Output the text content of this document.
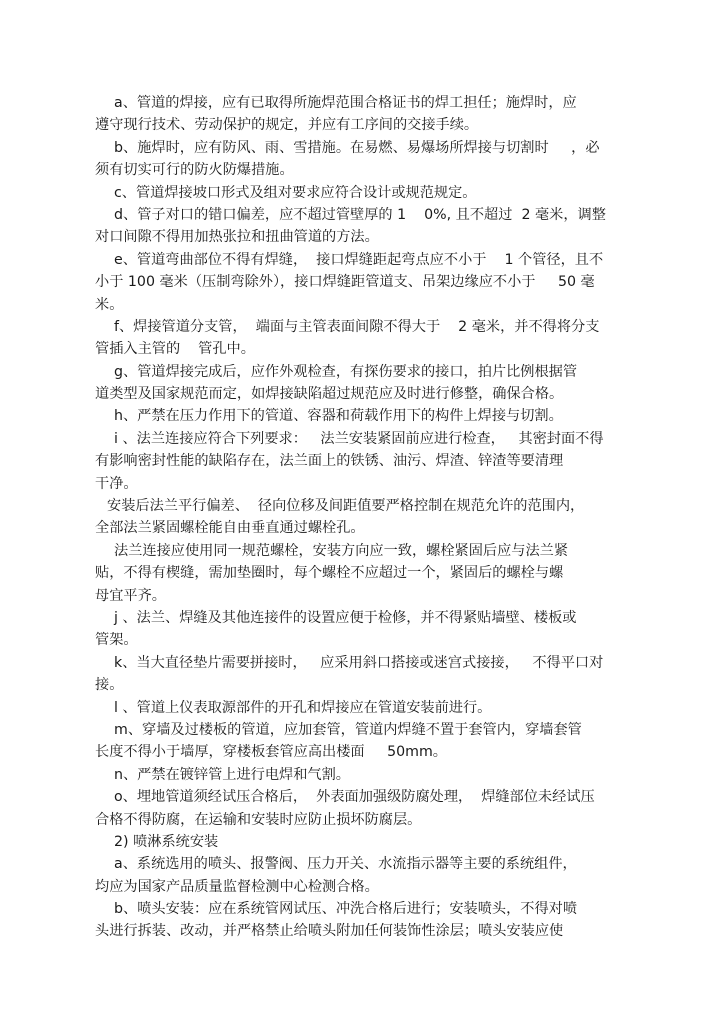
a、管道的焊接，应有已取得所施焊范围合格证书的焊工担任；施焊时，应
遵守现行技术、劳动保护的规定，并应有工序间的交接手续。
b、施焊时，应有防风、雨、雪措施。在易燃、易爆场所焊接与切割时     ，必
须有切实可行的防火防爆措施。
c、管道焊接坡口形式及组对要求应符合设计或规范规定。
d、管子对口的错口偏差，应不超过管壁厚的 1    0%, 且不超过  2 毫米，调整
对口间隙不得用加热张拉和扭曲管道的方法。
e、管道弯曲部位不得有焊缝，  接口焊缝距起弯点应不小于    1 个管径，且不
小于 100 毫米（压制弯除外），接口焊缝距管道支、吊架边缘应不小于     50 毫
米。
f、焊接管道分支管，  端面与主管表面间隙不得大于    2 毫米，并不得将分支
管插入主管的    管孔中。
g、管道焊接完成后，应作外观检查，有探伤要求的接口，拍片比例根据管
道类型及国家规范而定，如焊接缺陷超过规范应及时进行修整，确保合格。
h、严禁在压力作用下的管道、容器和荷载作用下的构件上焊接与切割。
i 、法兰连接应符合下列要求：   法兰安装紧固前应进行检查，   其密封面不得
有影响密封性能的缺陷存在，法兰面上的铁锈、油污、焊渣、锌渣等要清理
干净。
安装后法兰平行偏差、  径向位移及间距值要严格控制在规范允许的范围内，
全部法兰紧固螺栓能自由垂直通过螺栓孔。
法兰连接应使用同一规范螺栓，安装方向应一致，螺栓紧固后应与法兰紧
贴，不得有楔缝，需加垫圈时，每个螺栓不应超过一个，紧固后的螺栓与螺
母宜平齐。
j 、法兰、焊缝及其他连接件的设置应便于检修，并不得紧贴墙壁、楼板或
管架。
k、当大直径垫片需要拼接时，   应采用斜口搭接或迷宫式接接，   不得平口对
接。
l 、管道上仪表取源部件的开孔和焊接应在管道安装前进行。
m、穿墙及过楼板的管道，应加套管，管道内焊缝不置于套管内，穿墙套管
长度不得小于墙厚，穿楼板套管应高出楼面     50mm。
n、严禁在镀锌管上进行电焊和气割。
o、埋地管道须经试压合格后，  外表面加强级防腐处理，  焊缝部位未经试压
合格不得防腐，在运输和安装时应防止损坏防腐层。
2) 喷淋系统安装
a、系统选用的喷头、报警阀、压力开关、水流指示器等主要的系统组件，
均应为国家产品质量监督检测中心检测合格。
b、喷头安装：应在系统管网试压、冲洗合格后进行；安装喷头，不得对喷
头进行拆装、改动，并严格禁止给喷头附加任何装饰性涂层；喷头安装应使
